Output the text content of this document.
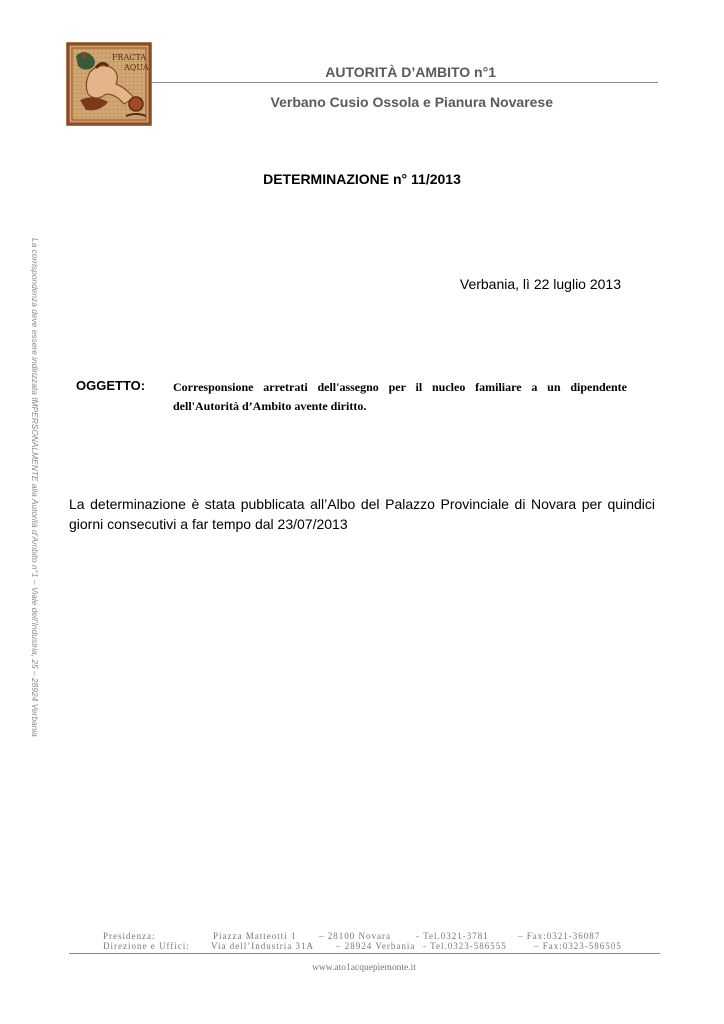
FRACTA
AQUA	AUTORITÀ D’AMBITO n°1
Verbano Cusio Ossola e Pianura Novarese
DETERMINAZIONE n° 11/2013
Verbania, lì 22 luglio 2013
La corrispondenza deve essere indirizzata IMPERSONALMENTE alla Autorità d’Ambito n°1 – Viale dell’Industria, 25 – 28924 Verbania	OGGETTO: Corresponsione arretrati dell'assegno per il nucleo familiare a un dipendente dell'Autorità d’Ambito avente diritto.
La determinazione è stata pubblicata all’Albo del Palazzo Provinciale di Novara per quindici giorni consecutivi a far tempo dal 23/07/2013
Presidenza:	Piazza Matteotti 1	– 28100 Novara	- Tel.0321-3781	– Fax:0321-36087
Direzione e Uffici: Via dell’Industria 31A – 28924 Verbania - Tel.0323-586555	– Fax:0323-586505
www.ato1acquepiemonte.it
